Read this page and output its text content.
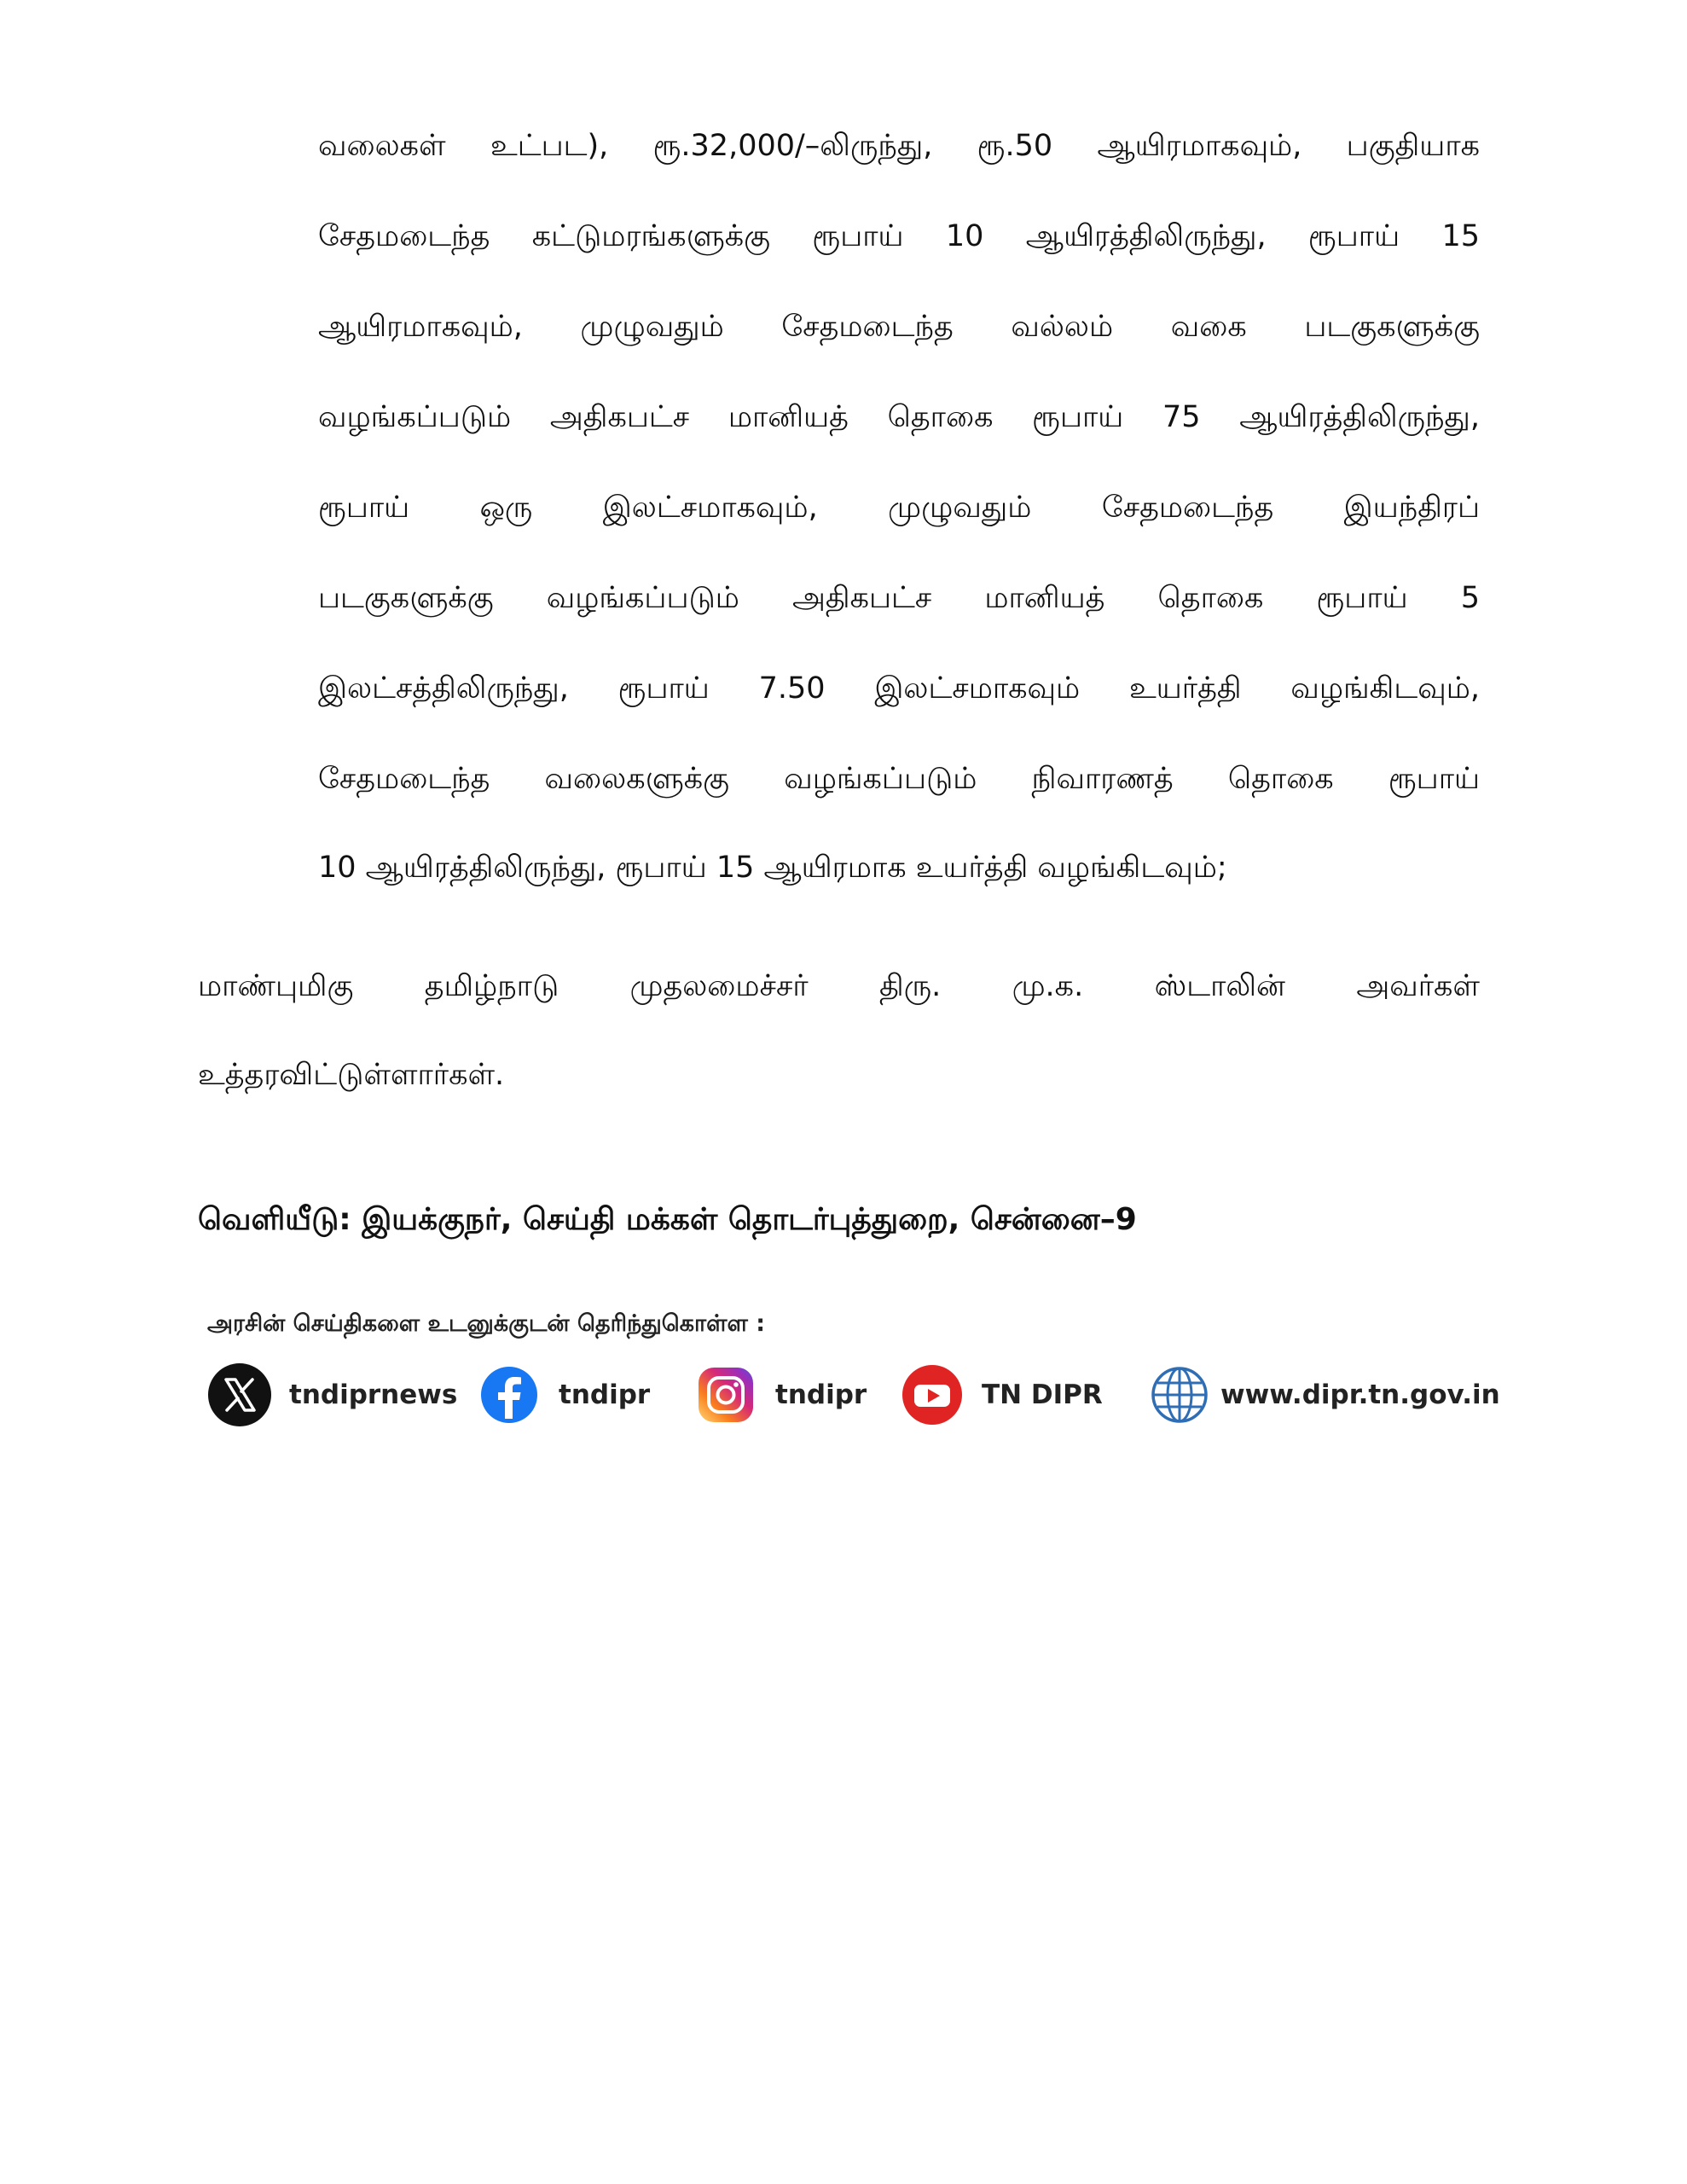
வலைகள் உட்பட), ரூ.32,000/–லிருந்து, ரூ.50 ஆயிரமாகவும், பகுதியாக
சேதமடைந்த கட்டுமரங்களுக்கு ரூபாய் 10 ஆயிரத்திலிருந்து, ரூபாய் 15
ஆயிரமாகவும், முழுவதும் சேதமடைந்த வல்லம் வகை படகுகளுக்கு
வழங்கப்படும் அதிகபட்ச மானியத் தொகை ரூபாய் 75 ஆயிரத்திலிருந்து,
ரூபாய் ஒரு இலட்சமாகவும், முழுவதும் சேதமடைந்த இயந்திரப்
படகுகளுக்கு வழங்கப்படும் அதிகபட்ச மானியத் தொகை ரூபாய் 5
இலட்சத்திலிருந்து, ரூபாய் 7.50 இலட்சமாகவும் உயர்த்தி வழங்கிடவும்,
சேதமடைந்த வலைகளுக்கு வழங்கப்படும் நிவாரணத் தொகை ரூபாய்
10 ஆயிரத்திலிருந்து, ரூபாய் 15 ஆயிரமாக உயர்த்தி வழங்கிடவும்;
மாண்புமிகு தமிழ்நாடு முதலமைச்சர் திரு. மு.க. ஸ்டாலின் அவர்கள்
உத்தரவிட்டுள்ளார்கள்.
வெளியீடு: இயக்குநர், செய்தி மக்கள் தொடர்புத்துறை, சென்னை–9
அரசின் செய்திகளை உடனுக்குடன் தெரிந்துகொள்ள :
tndiprnews	tndipr	tndipr	TN DIPR	www.dipr.tn.gov.in
